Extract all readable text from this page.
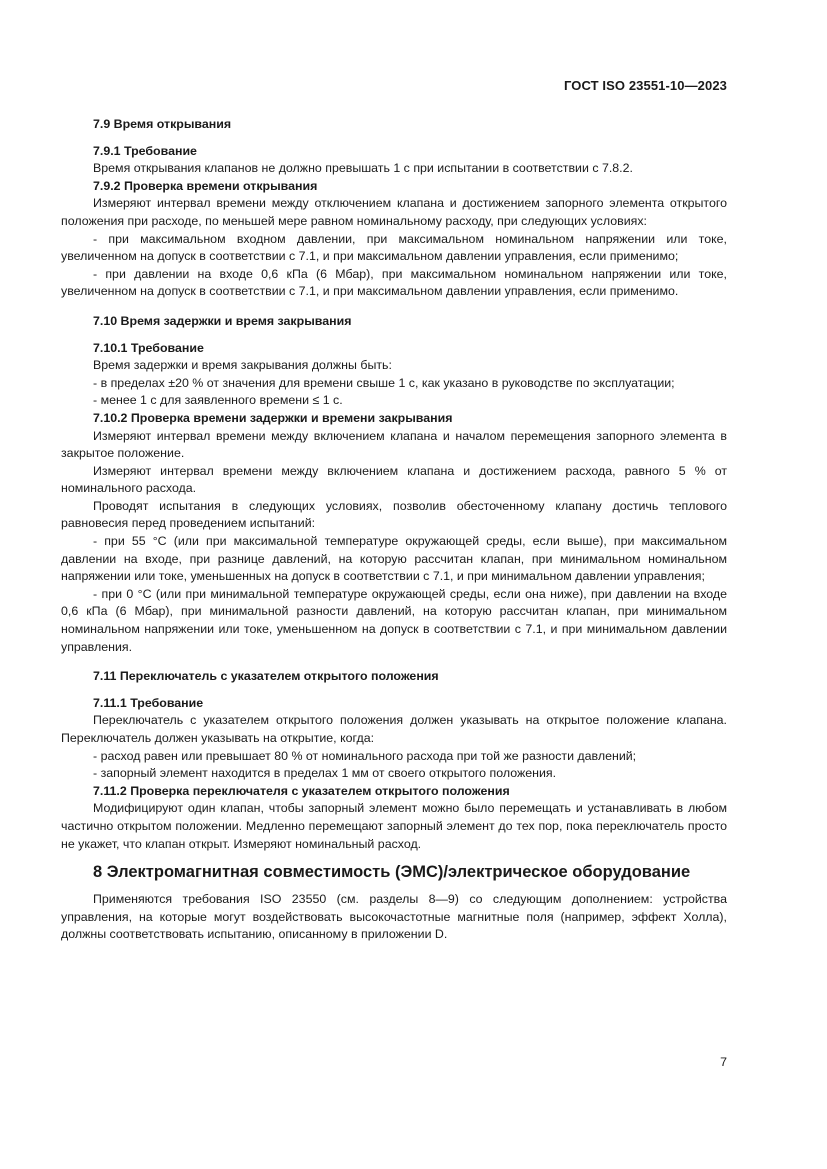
ГОСТ ISO 23551-10—2023
7.9 Время открывания
7.9.1 Требование

Время открывания клапанов не должно превышать 1 с при испытании в соответствии с 7.8.2.

7.9.2 Проверка времени открывания

Измеряют интервал времени между отключением клапана и достижением запорного элемента открытого положения при расходе, по меньшей мере равном номинальному расходу, при следующих условиях:

- при максимальном входном давлении, при максимальном номинальном напряжении или токе, увеличенном на допуск в соответствии с 7.1, и при максимальном давлении управления, если применимо;

- при давлении на входе 0,6 кПа (6 Мбар), при максимальном номинальном напряжении или токе, увеличенном на допуск в соответствии с 7.1, и при максимальном давлении управления, если применимо.

7.10 Время задержки и время закрывания
7.10.1 Требование

Время задержки и время закрывания должны быть:

- в пределах ±20 % от значения для времени свыше 1 с, как указано в руководстве по эксплуатации;

- менее 1 с для заявленного времени ≤ 1 с.

7.10.2 Проверка времени задержки и времени закрывания

Измеряют интервал времени между включением клапана и началом перемещения запорного элемента в закрытое положение.

Измеряют интервал времени между включением клапана и достижением расхода, равного 5 % от номинального расхода.

Проводят испытания в следующих условиях, позволив обесточенному клапану достичь теплового равновесия перед проведением испытаний:

- при 55 °С (или при максимальной температуре окружающей среды, если выше), при максимальном давлении на входе, при разнице давлений, на которую рассчитан клапан, при минимальном номинальном напряжении или токе, уменьшенных на допуск в соответствии с 7.1, и при минимальном давлении управления;

- при 0 °С (или при минимальной температуре окружающей среды, если она ниже), при давлении на входе 0,6 кПа (6 Мбар), при минимальной разности давлений, на которую рассчитан клапан, при минимальном номинальном напряжении или токе, уменьшенном на допуск в соответствии с 7.1, и при минимальном давлении управления.

7.11 Переключатель с указателем открытого положения
7.11.1 Требование

Переключатель с указателем открытого положения должен указывать на открытое положение клапана. Переключатель должен указывать на открытие, когда:

- расход равен или превышает 80 % от номинального расхода при той же разности давлений;

- запорный элемент находится в пределах 1 мм от своего открытого положения.

7.11.2 Проверка переключателя с указателем открытого положения

Модифицируют один клапан, чтобы запорный элемент можно было перемещать и устанавливать в любом частично открытом положении. Медленно перемещают запорный элемент до тех пор, пока переключатель просто не укажет, что клапан открыт. Измеряют номинальный расход.

8 Электромагнитная совместимость (ЭМС)/электрическое оборудование

Применяются требования ISO 23550 (см. разделы 8—9) со следующим дополнением: устройства управления, на которые могут воздействовать высокочастотные магнитные поля (например, эффект Холла), должны соответствовать испытанию, описанному в приложении D.

7
